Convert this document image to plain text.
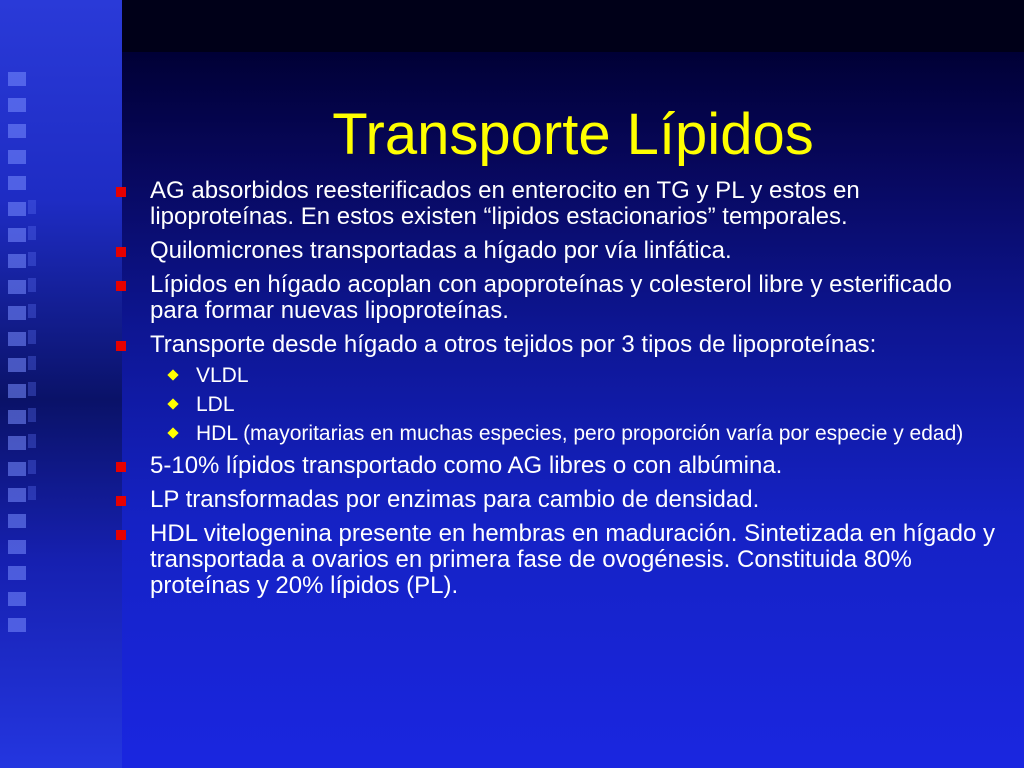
Transporte Lípidos
AG absorbidos reesterificados en enterocito en TG y PL y estos en lipoproteínas. En estos existen “lipidos estacionarios” temporales.
Quilomicrones transportadas a hígado por vía linfática.
Lípidos en hígado acoplan con apoproteínas y colesterol libre y esterificado para formar nuevas lipoproteínas.
Transporte desde hígado a otros tejidos por 3 tipos de lipoproteínas:
VLDL
LDL
HDL (mayoritarias en muchas especies, pero proporción varía por especie y edad)
5-10% lípidos transportado como AG libres o con albúmina.
LP transformadas por enzimas para cambio de densidad.
HDL vitelogenina presente en hembras en maduración. Sintetizada en hígado y transportada a ovarios en primera fase de ovogénesis. Constituida 80% proteínas y 20% lípidos (PL).
